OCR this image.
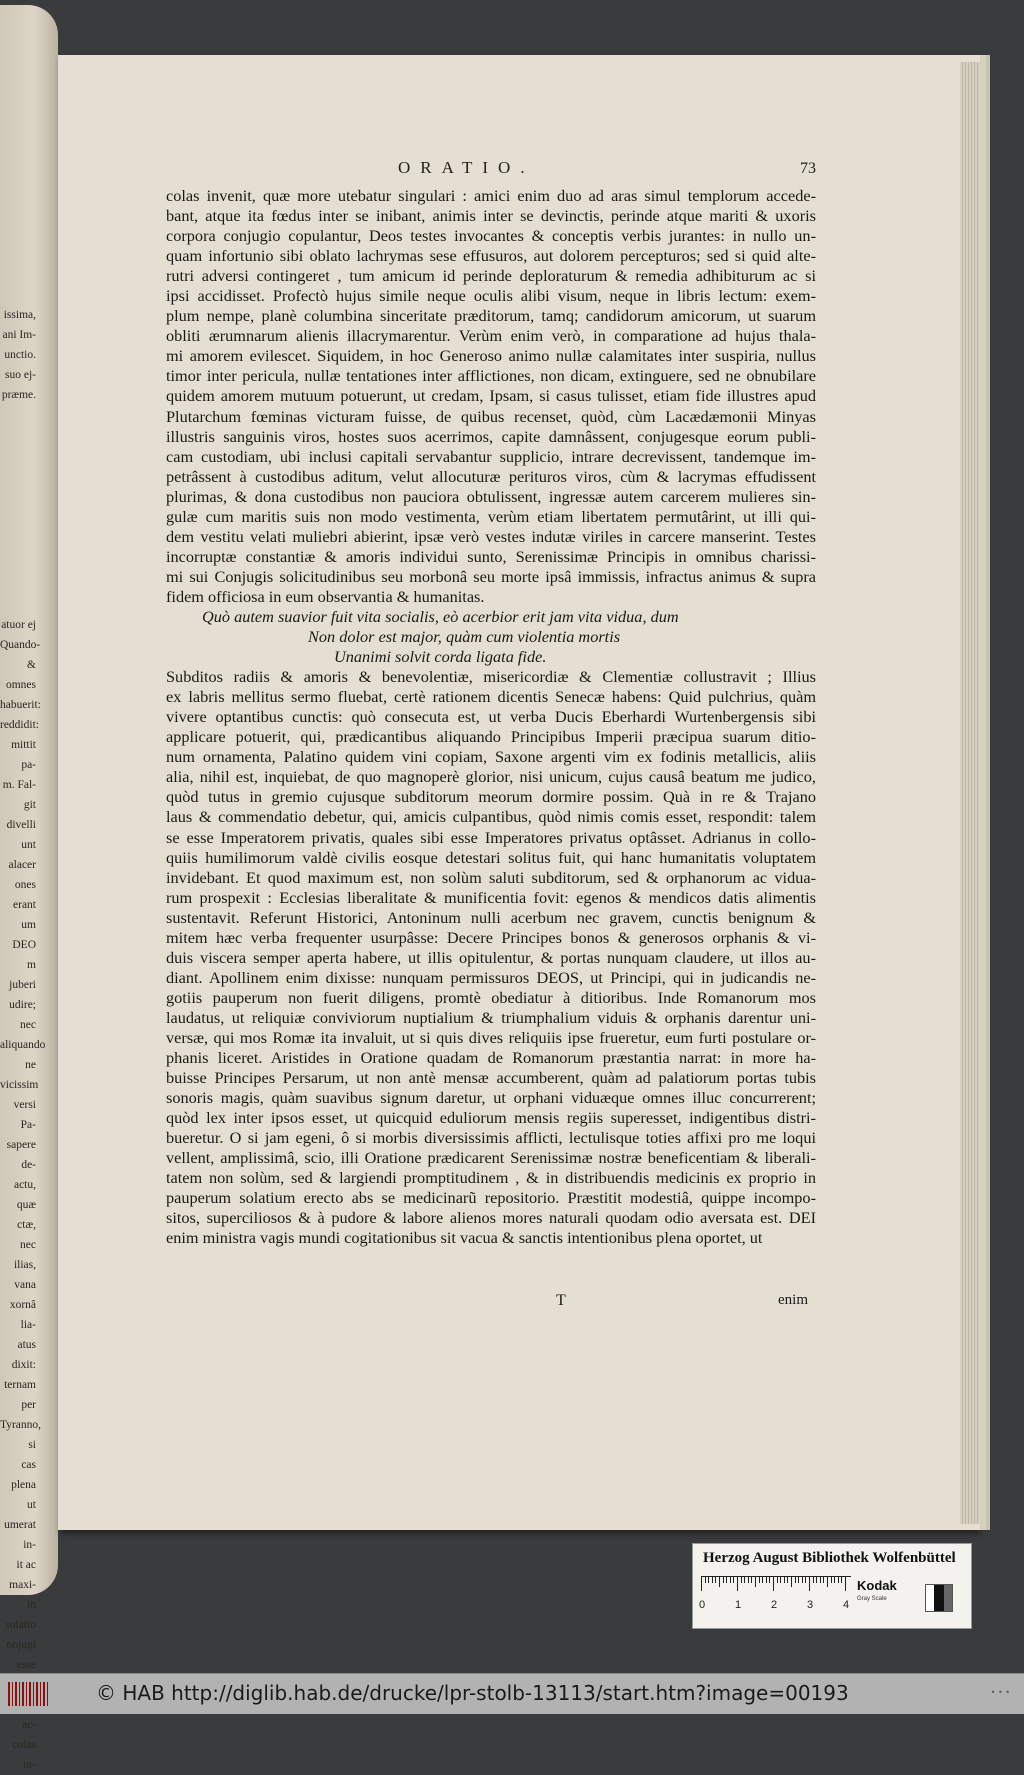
issima,
ani Im-
unctio.
suo ej-
præme.
atuor ej
Quando-
& omnes
habuerit:
reddidit:
mittit pa-
m. Fal-
git divelli
unt alacer
ones erant
um DEO
m juberi
udire; nec
aliquando
ne vicissim
versi Pa-
sapere de-
actu, quæ
ctæ, nec
ilias, vana
xornâ lia-
atus dixit:
ternam per
Tyranno, si
cas plena ut
umerat in-
it ac maxi-
in solatio
onjugi esse
ac-
colas in-
ORATIO.	73
colas invenit, quæ more utebatur singulari : amici enim duo ad aras simul templorum accede-
bant, atque ita fœdus inter se inibant, animis inter se devinctis, perinde atque mariti & uxoris
corpora conjugio copulantur, Deos testes invocantes & conceptis verbis jurantes: in nullo un-
quam infortunio sibi oblato lachrymas sese effusuros, aut dolorem percepturos; sed si quid alte-
rutri adversi contingeret , tum amicum id perinde deploraturum & remedia adhibiturum ac si
ipsi accidisset. Profectò hujus simile neque oculis alibi visum, neque in libris lectum: exem-
plum nempe, planè columbina sinceritate præditorum, tamq; candidorum amicorum, ut suarum
obliti ærumnarum alienis illacrymarentur. Verùm enim verò, in comparatione ad hujus thala-
mi amorem evilescet. Siquidem, in hoc Generoso animo nullæ calamitates inter suspiria, nullus
timor inter pericula, nullæ tentationes inter afflictiones, non dicam, extinguere, sed ne obnubilare
quidem amorem mutuum potuerunt, ut credam, Ipsam, si casus tulisset, etiam fide illustres apud
Plutarchum fœminas victuram fuisse, de quibus recenset, quòd, cùm Lacædæmonii Minyas
illustris sanguinis viros, hostes suos acerrimos, capite damnâssent, conjugesque eorum publi-
cam custodiam, ubi inclusi capitali servabantur supplicio, intrare decrevissent, tandemque im-
petrâssent à custodibus aditum, velut allocuturæ perituros viros, cùm & lacrymas effudissent
plurimas, & dona custodibus non pauciora obtulissent, ingressæ autem carcerem mulieres sin-
gulæ cum maritis suis non modo vestimenta, verùm etiam libertatem permutârint, ut illi qui-
dem vestitu velati muliebri abierint, ipsæ verò vestes indutæ viriles in carcere manserint. Testes
incorruptæ constantiæ & amoris individui sunto, Serenissimæ Principis in omnibus charissi-
mi sui Conjugis solicitudinibus seu morbonâ seu morte ipsâ immissis, infractus animus & supra
fidem officiosa in eum observantia & humanitas.
Quò autem suavior fuit vita socialis, eò acerbior erit jam vita vidua, dum
Non dolor est major, quàm cum violentia mortis
Unanimi solvit corda ligata fide.
Subditos radiis & amoris & benevolentiæ, misericordiæ & Clementiæ collustravit ; Illius
ex labris mellitus sermo fluebat, certè rationem dicentis Senecæ habens: Quid pulchrius, quàm
vivere optantibus cunctis: quò consecuta est, ut verba Ducis Eberhardi Wurtenbergensis sibi
applicare potuerit, qui, prædicantibus aliquando Principibus Imperii præcipua suarum ditio-
num ornamenta, Palatino quidem vini copiam, Saxone argenti vim ex fodinis metallicis, aliis
alia, nihil est, inquiebat, de quo magnoperè glorior, nisi unicum, cujus causâ beatum me judico,
quòd tutus in gremio cujusque subditorum meorum dormire possim. Quà in re & Trajano
laus & commendatio debetur, qui, amicis culpantibus, quòd nimis comis esset, respondit: talem
se esse Imperatorem privatis, quales sibi esse Imperatores privatus optâsset. Adrianus in collo-
quiis humilimorum valdè civilis eosque detestari solitus fuit, qui hanc humanitatis voluptatem
invidebant. Et quod maximum est, non solùm saluti subditorum, sed & orphanorum ac vidua-
rum prospexit : Ecclesias liberalitate & munificentia fovit: egenos & mendicos datis alimentis
sustentavit. Referunt Historici, Antoninum nulli acerbum nec gravem, cunctis benignum &
mitem hæc verba frequenter usurpâsse: Decere Principes bonos & generosos orphanis & vi-
duis viscera semper aperta habere, ut illis opitulentur, & portas nunquam claudere, ut illos au-
diant. Apollinem enim dixisse: nunquam permissuros DEOS, ut Principi, qui in judicandis ne-
gotiis pauperum non fuerit diligens, promtè obediatur à ditioribus. Inde Romanorum mos
laudatus, ut reliquiæ conviviorum nuptialium & triumphalium viduis & orphanis darentur uni-
versæ, qui mos Romæ ita invaluit, ut si quis dives reliquiis ipse frueretur, eum furti postulare or-
phanis liceret. Aristides in Oratione quadam de Romanorum præstantia narrat: in more ha-
buisse Principes Persarum, ut non antè mensæ accumberent, quàm ad palatiorum portas tubis
sonoris magis, quàm suavibus signum daretur, ut orphani viduæque omnes illuc concurrerent;
quòd lex inter ipsos esset, ut quicquid eduliorum mensis regiis superesset, indigentibus distri-
bueretur. O si jam egeni, ô si morbis diversissimis afflicti, lectulisque toties affixi pro me loqui
vellent, amplissimâ, scio, illi Oratione prædicarent Serenissimæ nostræ beneficentiam & liberali-
tatem non solùm, sed & largiendi promptitudinem , & in distribuendis medicinis ex proprio in
pauperum solatium erecto abs se medicinarũ repositorio. Præstitit modestiâ, quippe incompo-
sitos, superciliosos & à pudore & labore alienos mores naturali quodam odio aversata est. DEI
enim ministra vagis mundi cogitationibus sit vacua & sanctis intentionibus plena oportet, ut
T	enim
Herzog August Bibliothek Wolfenbüttel
0	1	2	3	4
Kodak
Gray Scale
© HAB http://diglib.hab.de/drucke/lpr-stolb-13113/start.htm?image=00193	• • •
